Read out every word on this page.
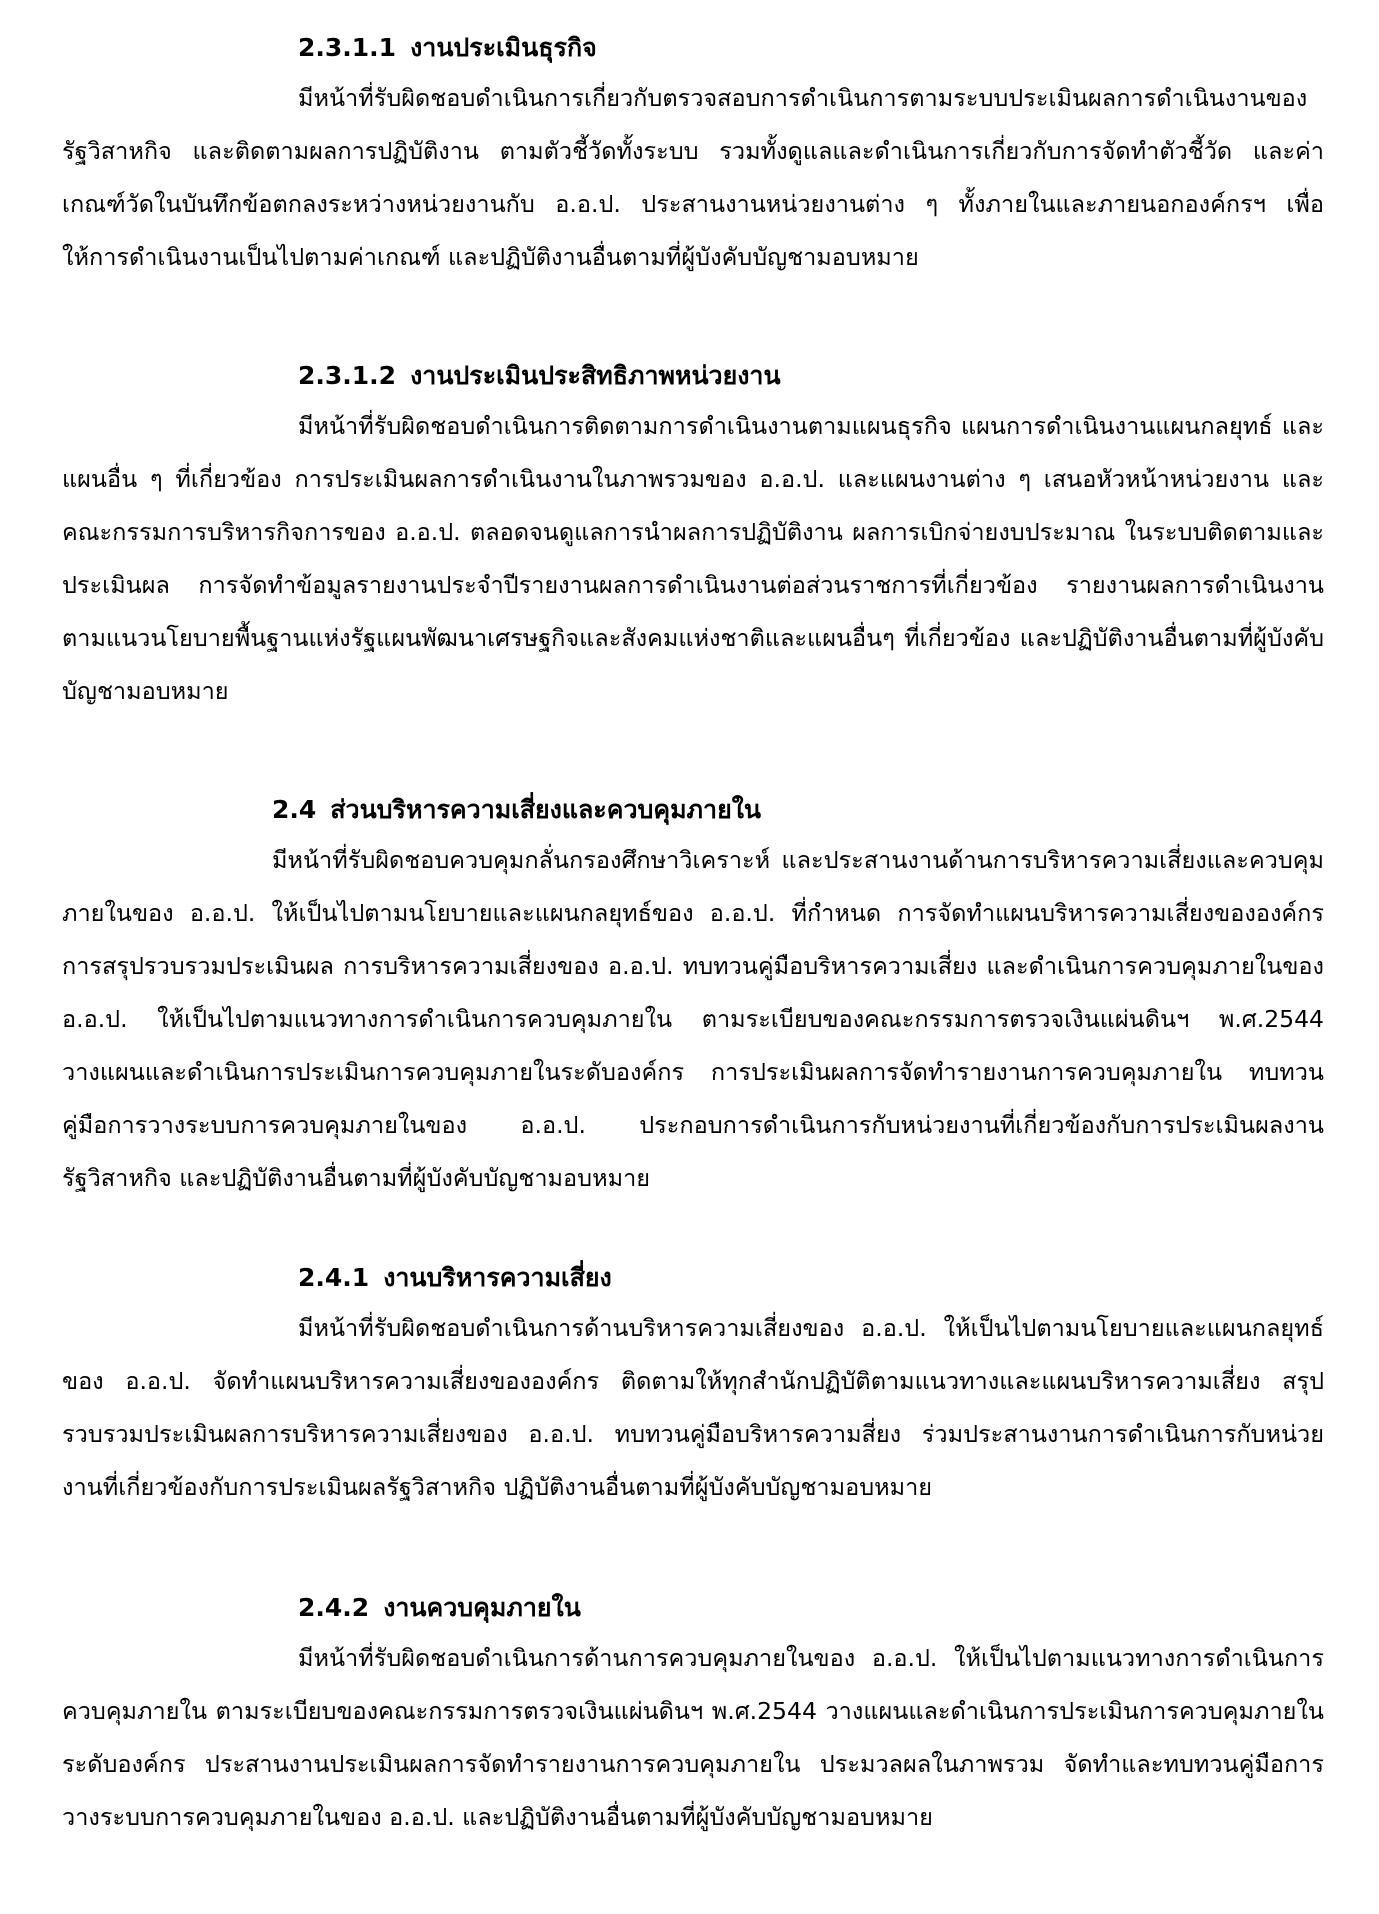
2.3.1.1 งานประเมินธุรกิจ

มีหน้าที่รับผิดชอบดำเนินการเกี่ยวกับตรวจสอบการดำเนินการตามระบบประเมินผลการดำเนินงานของรัฐวิสาหกิจ และติดตามผลการปฏิบัติงาน ตามตัวชี้วัดทั้งระบบ รวมทั้งดูแลและดำเนินการเกี่ยวกับการจัดทำตัวชี้วัด และค่าเกณฑ์วัดในบันทึกข้อตกลงระหว่างหน่วยงานกับ อ.อ.ป. ประสานงานหน่วยงานต่าง ๆ ทั้งภายในและภายนอกองค์กรฯ เพื่อให้การดำเนินงานเป็นไปตามค่าเกณฑ์ และปฏิบัติงานอื่นตามที่ผู้บังคับบัญชามอบหมาย

2.3.1.2 งานประเมินประสิทธิภาพหน่วยงาน

มีหน้าที่รับผิดชอบดำเนินการติดตามการดำเนินงานตามแผนธุรกิจ แผนการดำเนินงานแผนกลยุทธ์ และแผนอื่น ๆ ที่เกี่ยวข้อง การประเมินผลการดำเนินงานในภาพรวมของ อ.อ.ป. และแผนงานต่าง ๆ เสนอหัวหน้าหน่วยงาน และคณะกรรมการบริหารกิจการของ อ.อ.ป. ตลอดจนดูแลการนำผลการปฏิบัติงาน ผลการเบิกจ่ายงบประมาณ ในระบบติดตามและประเมินผล การจัดทำข้อมูลรายงานประจำปีรายงานผลการดำเนินงานต่อส่วนราชการที่เกี่ยวข้อง รายงานผลการดำเนินงานตามแนวนโยบายพื้นฐานแห่งรัฐแผนพัฒนาเศรษฐกิจและสังคมแห่งชาติและแผนอื่นๆ ที่เกี่ยวข้อง และปฏิบัติงานอื่นตามที่ผู้บังคับบัญชามอบหมาย

2.4 ส่วนบริหารความเสี่ยงและควบคุมภายใน

มีหน้าที่รับผิดชอบควบคุมกลั่นกรองศึกษาวิเคราะห์ และประสานงานด้านการบริหารความเสี่ยงและควบคุมภายในของ อ.อ.ป. ให้เป็นไปตามนโยบายและแผนกลยุทธ์ของ อ.อ.ป. ที่กำหนด การจัดทำแผนบริหารความเสี่ยงขององค์กร การสรุปรวบรวมประเมินผล การบริหารความเสี่ยงของ อ.อ.ป. ทบทวนคู่มือบริหารความเสี่ยง และดำเนินการควบคุมภายในของ อ.อ.ป. ให้เป็นไปตามแนวทางการดำเนินการควบคุมภายใน ตามระเบียบของคณะกรรมการตรวจเงินแผ่นดินฯ พ.ศ.2544 วางแผนและดำเนินการประเมินการควบคุมภายในระดับองค์กร การประเมินผลการจัดทำรายงานการควบคุมภายใน ทบทวนคู่มือการวางระบบการควบคุมภายในของ อ.อ.ป. ประกอบการดำเนินการกับหน่วยงานที่เกี่ยวข้องกับการประเมินผลงานรัฐวิสาหกิจ และปฏิบัติงานอื่นตามที่ผู้บังคับบัญชามอบหมาย

2.4.1 งานบริหารความเสี่ยง

มีหน้าที่รับผิดชอบดำเนินการด้านบริหารความเสี่ยงของ อ.อ.ป. ให้เป็นไปตามนโยบายและแผนกลยุทธ์ของ อ.อ.ป. จัดทำแผนบริหารความเสี่ยงขององค์กร ติดตามให้ทุกสำนักปฏิบัติตามแนวทางและแผนบริหารความเสี่ยง สรุปรวบรวมประเมินผลการบริหารความเสี่ยงของ อ.อ.ป. ทบทวนคู่มือบริหารความสี่ยง ร่วมประสานงานการดำเนินการกับหน่วยงานที่เกี่ยวข้องกับการประเมินผลรัฐวิสาหกิจ ปฏิบัติงานอื่นตามที่ผู้บังคับบัญชามอบหมาย

2.4.2 งานควบคุมภายใน

มีหน้าที่รับผิดชอบดำเนินการด้านการควบคุมภายในของ อ.อ.ป. ให้เป็นไปตามแนวทางการดำเนินการควบคุมภายใน ตามระเบียบของคณะกรรมการตรวจเงินแผ่นดินฯ พ.ศ.2544 วางแผนและดำเนินการประเมินการควบคุมภายในระดับองค์กร ประสานงานประเมินผลการจัดทำรายงานการควบคุมภายใน ประมวลผลในภาพรวม จัดทำและทบทวนคู่มือการวางระบบการควบคุมภายในของ อ.อ.ป. และปฏิบัติงานอื่นตามที่ผู้บังคับบัญชามอบหมาย
